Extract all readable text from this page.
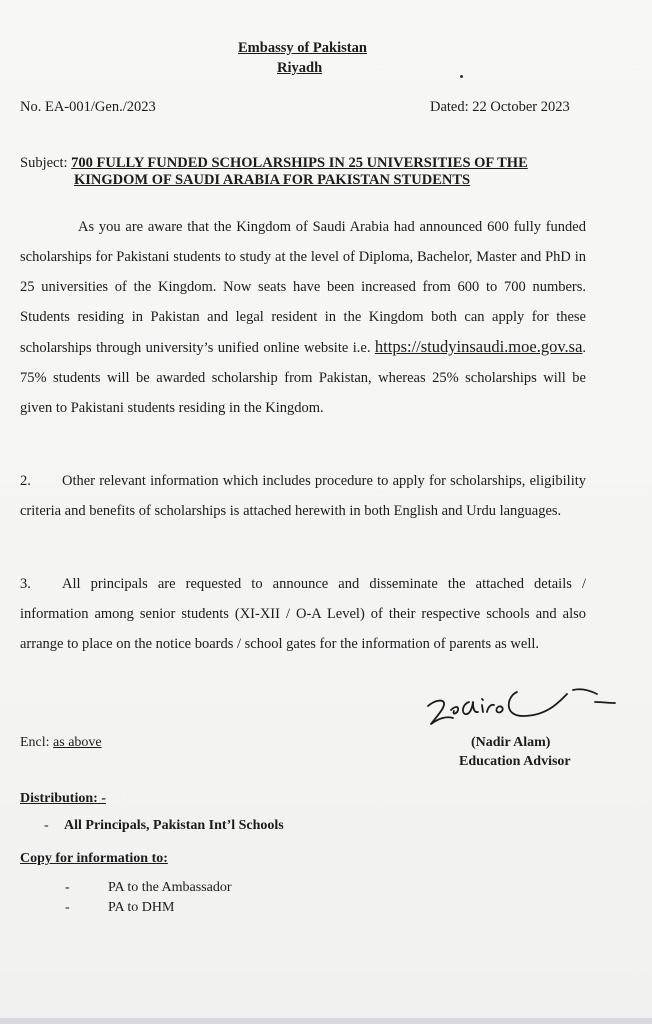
Embassy of Pakistan
Riyadh
No. EA-001/Gen./2023	Dated: 22 October 2023
Subject: 700 FULLY FUNDED SCHOLARSHIPS IN 25 UNIVERSITIES OF THE
KINGDOM OF SAUDI ARABIA FOR PAKISTAN STUDENTS
As you are aware that the Kingdom of Saudi Arabia had announced 600 fully funded scholarships for Pakistani students to study at the level of Diploma, Bachelor, Master and PhD in 25 universities of the Kingdom. Now seats have been increased from 600 to 700 numbers. Students residing in Pakistan and legal resident in the Kingdom both can apply for these scholarships through university’s unified online website i.e. https://studyinsaudi.moe.gov.sa. 75% students will be awarded scholarship from Pakistan, whereas 25% scholarships will be given to Pakistani students residing in the Kingdom.
2. Other relevant information which includes procedure to apply for scholarships, eligibility criteria and benefits of scholarships is attached herewith in both English and Urdu languages.
3. All principals are requested to announce and disseminate the attached details / information among senior students (XI-XII / O-A Level) of their respective schools and also arrange to place on the notice boards / school gates for the information of parents as well.
Encl: as above	(Nadir Alam)
Education Advisor
Distribution: -
- All Principals, Pakistan Int’l Schools
Copy for information to:
-	PA to the Ambassador
-	PA to DHM
